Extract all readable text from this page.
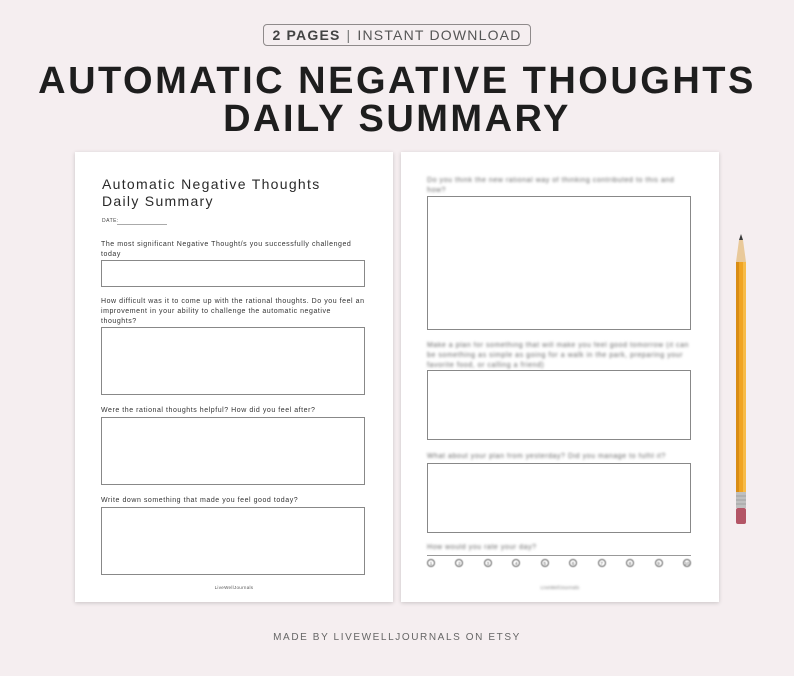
2 PAGES | INSTANT DOWNLOAD
AUTOMATIC NEGATIVE THOUGHTS
DAILY SUMMARY
Automatic Negative Thoughts
Daily Summary
DATE:
The most significant Negative Thought/s you successfully challenged today
How difficult was it to come up with the rational thoughts. Do you feel an improvement in your ability to challenge the automatic negative thoughts?
Were the rational thoughts helpful? How did you feel after?
Write down something that made you feel good today?
LiveWellJournals
Do you think the new rational way of thinking contributed to this and how?
Make a plan for something that will make you feel good tomorrow (it can be something as simple as going for a walk in the park, preparing your favorite food, or calling a friend)
What about your plan from yesterday? Did you manage to fulfil it?
How would you rate your day?
1	2	3	4	5	6	7	8	9	10
LiveWellJournals
MADE BY LIVEWELLJOURNALS ON ETSY
